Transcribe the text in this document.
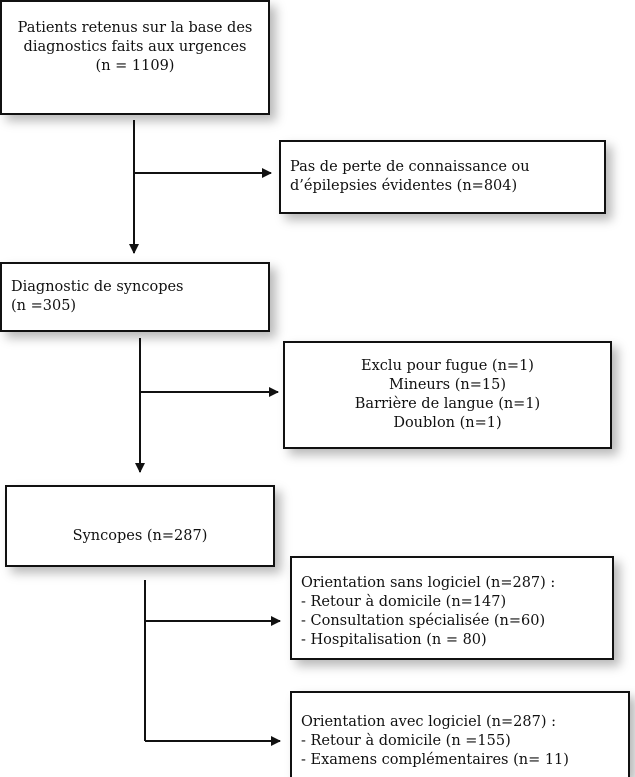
Patients retenus sur la base des
diagnostics faits aux urgences
(n = 1109)
Pas de perte de connaissance ou
d’épilepsies évidentes (n=804)
Diagnostic de syncopes
(n =305)
Exclu pour fugue (n=1)
Mineurs (n=15)
Barrière de langue (n=1)
Doublon (n=1)
Syncopes (n=287)
Orientation sans logiciel (n=287) :
- Retour à domicile (n=147)
- Consultation spécialisée (n=60)
- Hospitalisation (n = 80)
Orientation avec logiciel (n=287) :
- Retour à domicile (n =155)
- Examens complémentaires (n= 11)
